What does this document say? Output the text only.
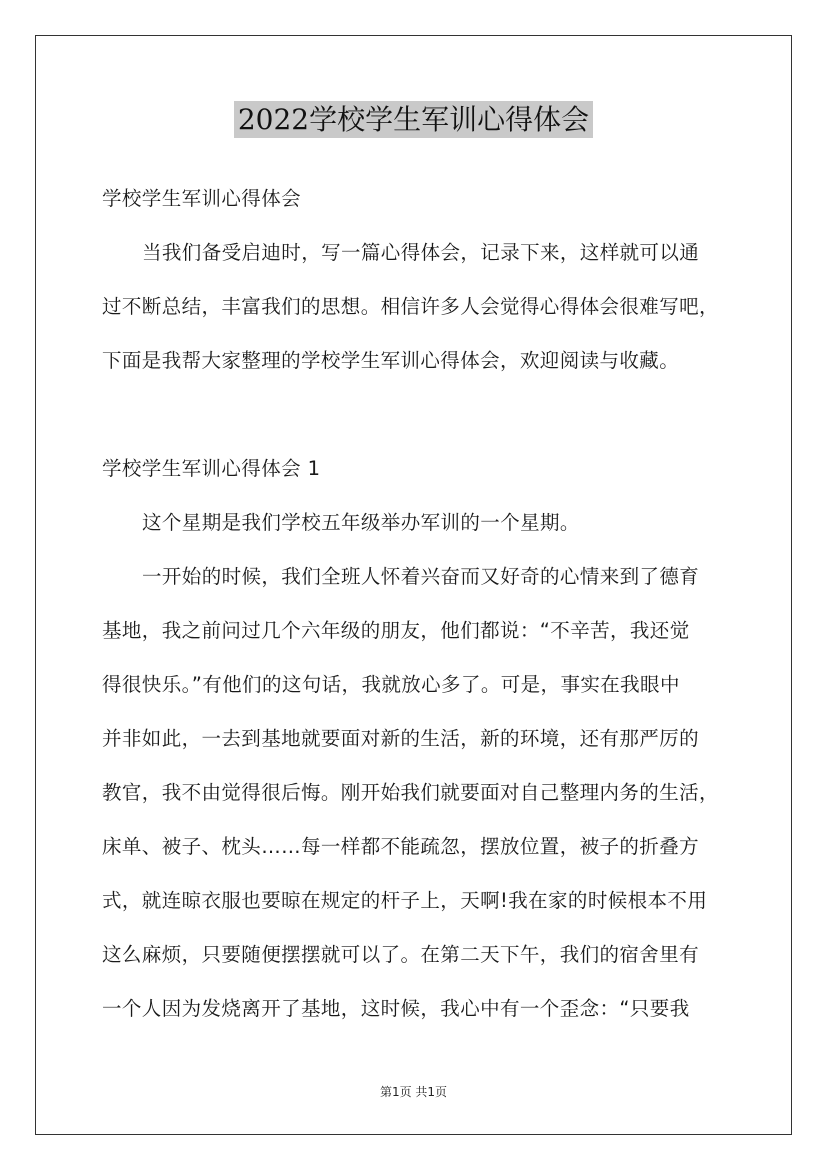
2022学校学生军训心得体会
学校学生军训心得体会
当我们备受启迪时，写一篇心得体会，记录下来，这样就可以通
过不断总结，丰富我们的思想。相信许多人会觉得心得体会很难写吧，
下面是我帮大家整理的学校学生军训心得体会，欢迎阅读与收藏。
学校学生军训心得体会 1
这个星期是我们学校五年级举办军训的一个星期。
一开始的时候，我们全班人怀着兴奋而又好奇的心情来到了德育
基地，我之前问过几个六年级的朋友，他们都说：“不辛苦，我还觉
得很快乐。”有他们的这句话，我就放心多了。可是，事实在我眼中
并非如此，一去到基地就要面对新的生活，新的环境，还有那严厉的
教官，我不由觉得很后悔。刚开始我们就要面对自己整理内务的生活，
床单、被子、枕头……每一样都不能疏忽，摆放位置，被子的折叠方
式，就连晾衣服也要晾在规定的杆子上，天啊!我在家的时候根本不用
这么麻烦，只要随便摆摆就可以了。在第二天下午，我们的宿舍里有
一个人因为发烧离开了基地，这时候，我心中有一个歪念：“只要我
第1页 共1页
